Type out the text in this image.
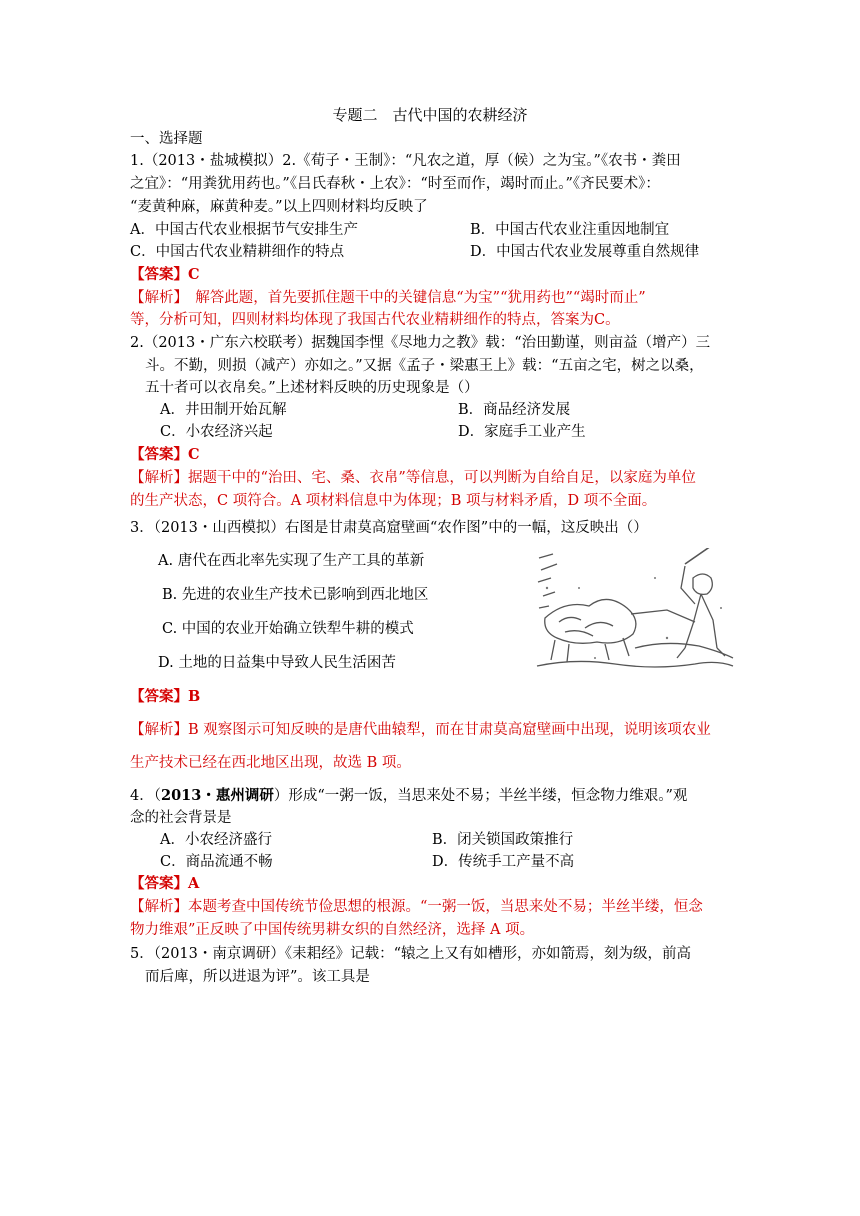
专题二　古代中国的农耕经济
一、选择题
1.（2013・盐城模拟）2.《荀子・王制》：“凡农之道，厚（候）之为宝。”《农书・粪田
之宜》：“用粪犹用药也。”《吕氏春秋・上农》：“时至而作，竭时而止。”《齐民要术》：
“麦黄种麻，麻黄种麦。”以上四则材料均反映了
A．中国古代农业根据节气安排生产	B．中国古代农业注重因地制宜
C．中国古代农业精耕细作的特点	D．中国古代农业发展尊重自然规律
【答案】C
【解析】　解答此题，首先要抓住题干中的关键信息“为宝”“犹用药也”“竭时而止”
等，分析可知，四则材料均体现了我国古代农业精耕细作的特点，答案为C。
2.（2013・广东六校联考）据魏国李悝《尽地力之教》载：“治田勤谨，则亩益（增产）三
斗。不勤，则损（减产）亦如之。”又据《孟子・梁惠王上》载：“五亩之宅，树之以桑，
五十者可以衣帛矣。”上述材料反映的历史现象是（）
A．井田制开始瓦解	B．商品经济发展
C．小农经济兴起	D．家庭手工业产生
【答案】C
【解析】据题干中的“治田、宅、桑、衣帛”等信息，可以判断为自给自足，以家庭为单位
的生产状态，C 项符合。A 项材料信息中为体现；B 项与材料矛盾，D 项不全面。
3．（2013・山西模拟）右图是甘肃莫高窟壁画“农作图”中的一幅，这反映出（）
A. 唐代在西北率先实现了生产工具的革新
B. 先进的农业生产技术已影响到西北地区
C. 中国的农业开始确立铁犁牛耕的模式
D. 土地的日益集中导致人民生活困苦
【答案】B
【解析】B 观察图示可知反映的是唐代曲辕犁，而在甘肃莫高窟壁画中出现，说明该项农业
生产技术已经在西北地区出现，故选 B 项。
4．（2013・惠州调研）形成“一粥一饭，当思来处不易；半丝半缕，恒念物力维艰。”观
念的社会背景是
A．小农经济盛行	B．闭关锁国政策推行
C．商品流通不畅	D．传统手工产量不高
【答案】A
【解析】本题考查中国传统节俭思想的根源。“一粥一饭，当思来处不易；半丝半缕，恒念
物力维艰”正反映了中国传统男耕女织的自然经济，选择 A 项。
5．（2013・南京调研）《耒耜经》记载：“辕之上又有如槽形，亦如箭焉，刻为级，前高
而后庳，所以进退为评”。该工具是
